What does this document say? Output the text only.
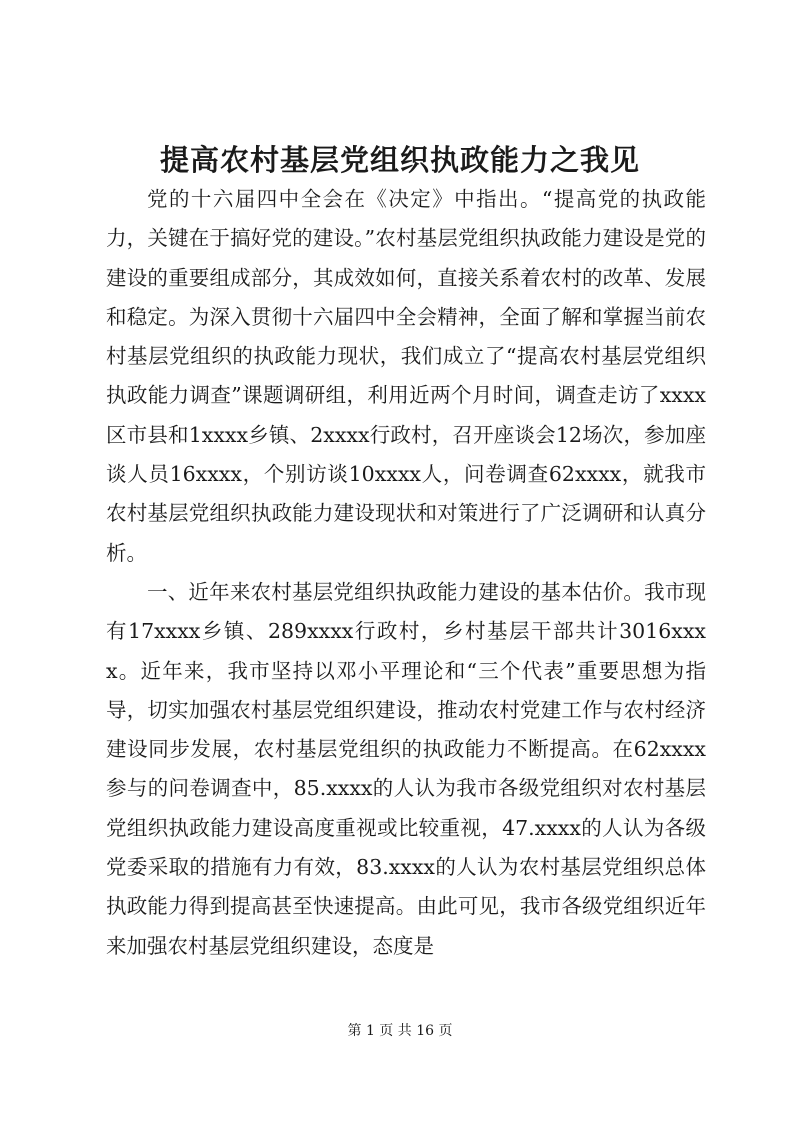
提高农村基层党组织执政能力之我见

党的十六届四中全会在《决定》中指出。“提高党的执政能力，关键在于搞好党的建设。”农村基层党组织执政能力建设是党的建设的重要组成部分，其成效如何，直接关系着农村的改革、发展和稳定。为深入贯彻十六届四中全会精神，全面了解和掌握当前农村基层党组织的执政能力现状，我们成立了“提高农村基层党组织执政能力调查”课题调研组，利用近两个月时间，调查走访了xxxx区市县和1xxxx乡镇、2xxxx行政村，召开座谈会12场次，参加座谈人员16xxxx，个别访谈10xxxx人，问卷调查62xxxx，就我市农村基层党组织执政能力建设现状和对策进行了广泛调研和认真分析。

一、近年来农村基层党组织执政能力建设的基本估价。我市现有17xxxx乡镇、289xxxx行政村，乡村基层干部共计3016xxxx。近年来，我市坚持以邓小平理论和“三个代表”重要思想为指导，切实加强农村基层党组织建设，推动农村党建工作与农村经济建设同步发展，农村基层党组织的执政能力不断提高。在62xxxx参与的问卷调查中，85.xxxx的人认为我市各级党组织对农村基层党组织执政能力建设高度重视或比较重视，47.xxxx的人认为各级党委采取的措施有力有效，83.xxxx的人认为农村基层党组织总体执政能力得到提高甚至快速提高。由此可见，我市各级党组织近年来加强农村基层党组织建设，态度是

第 1 页 共 16 页
